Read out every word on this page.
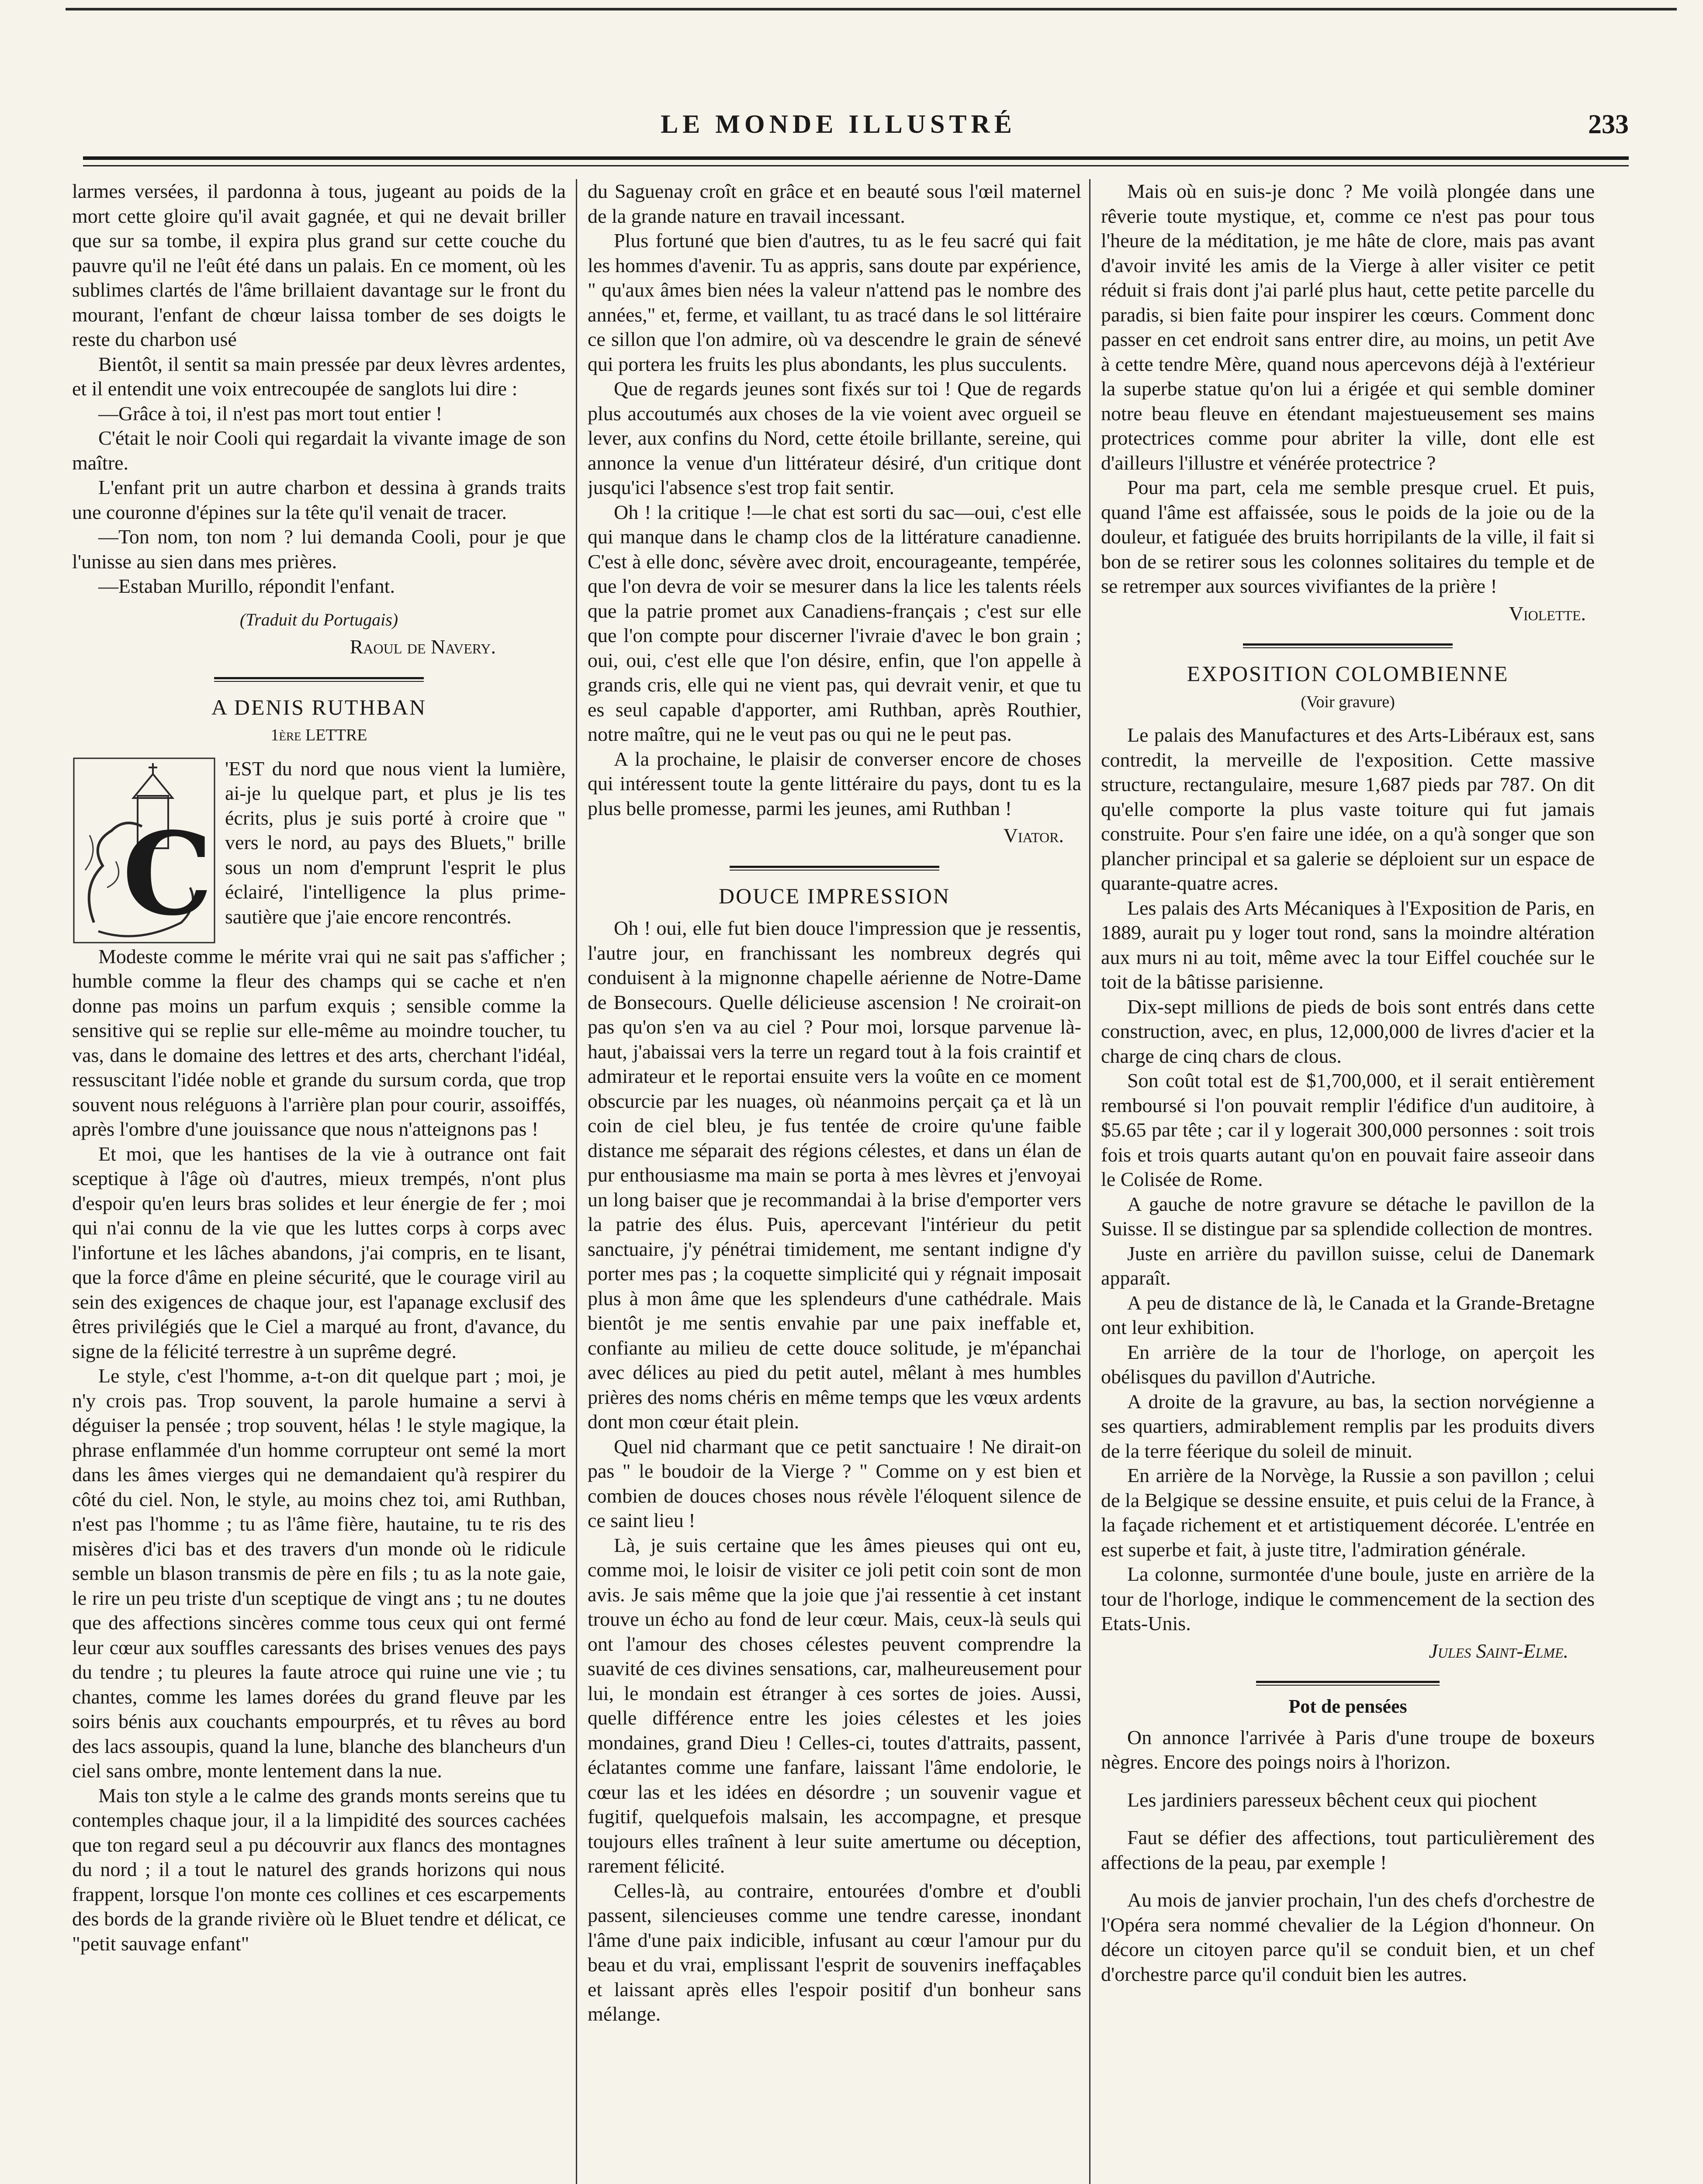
LE MONDE ILLUSTRÉ	233

larmes versées, il pardonna à tous, jugeant au poids de la mort cette gloire qu'il avait gagnée, et qui ne devait briller que sur sa tombe, il expira plus grand sur cette couche du pauvre qu'il ne l'eût été dans un palais. En ce moment, où les sublimes clartés de l'âme brillaient davantage sur le front du mourant, l'enfant de chœur laissa tomber de ses doigts le reste du charbon usé

Bientôt, il sentit sa main pressée par deux lèvres ardentes, et il entendit une voix entrecoupée de sanglots lui dire :

—Grâce à toi, il n'est pas mort tout entier !

C'était le noir Cooli qui regardait la vivante image de son maître.

L'enfant prit un autre charbon et dessina à grands traits une couronne d'épines sur la tête qu'il venait de tracer.

—Ton nom, ton nom ? lui demanda Cooli, pour je que l'unisse au sien dans mes prières.

—Estaban Murillo, répondit l'enfant.

(Traduit du Portugais)

Raoul de Navery.

A DENIS RUTHBAN
1ère LETTRE
C

'EST du nord que nous vient la lumière, ai-je lu quelque part, et plus je lis tes écrits, plus je suis porté à croire que " vers le nord, au pays des Bluets," brille sous un nom d'emprunt l'esprit le plus éclairé, l'intelligence la plus prime-sautière que j'aie encore rencontrés.

Modeste comme le mérite vrai qui ne sait pas s'afficher ; humble comme la fleur des champs qui se cache et n'en donne pas moins un parfum exquis ; sensible comme la sensitive qui se replie sur elle-même au moindre toucher, tu vas, dans le domaine des lettres et des arts, cherchant l'idéal, ressuscitant l'idée noble et grande du sursum corda, que trop souvent nous reléguons à l'arrière plan pour courir, assoiffés, après l'ombre d'une jouissance que nous n'atteignons pas !

Et moi, que les hantises de la vie à outrance ont fait sceptique à l'âge où d'autres, mieux trempés, n'ont plus d'espoir qu'en leurs bras solides et leur énergie de fer ; moi qui n'ai connu de la vie que les luttes corps à corps avec l'infortune et les lâches abandons, j'ai compris, en te lisant, que la force d'âme en pleine sécurité, que le courage viril au sein des exigences de chaque jour, est l'apanage exclusif des êtres privilégiés que le Ciel a marqué au front, d'avance, du signe de la félicité terrestre à un suprême degré.

Le style, c'est l'homme, a-t-on dit quelque part ; moi, je n'y crois pas. Trop souvent, la parole humaine a servi à déguiser la pensée ; trop souvent, hélas ! le style magique, la phrase enflammée d'un homme corrupteur ont semé la mort dans les âmes vierges qui ne demandaient qu'à respirer du côté du ciel. Non, le style, au moins chez toi, ami Ruthban, n'est pas l'homme ; tu as l'âme fière, hautaine, tu te ris des misères d'ici bas et des travers d'un monde où le ridicule semble un blason transmis de père en fils ; tu as la note gaie, le rire un peu triste d'un sceptique de vingt ans ; tu ne doutes que des affections sincères comme tous ceux qui ont fermé leur cœur aux souffles caressants des brises venues des pays du tendre ; tu pleures la faute atroce qui ruine une vie ; tu chantes, comme les lames dorées du grand fleuve par les soirs bénis aux couchants empourprés, et tu rêves au bord des lacs assoupis, quand la lune, blanche des blancheurs d'un ciel sans ombre, monte lentement dans la nue.

Mais ton style a le calme des grands monts sereins que tu contemples chaque jour, il a la limpidité des sources cachées que ton regard seul a pu découvrir aux flancs des montagnes du nord ; il a tout le naturel des grands horizons qui nous frappent, lorsque l'on monte ces collines et ces escarpements des bords de la grande rivière où le Bluet tendre et délicat, ce "petit sauvage enfant"

du Saguenay croît en grâce et en beauté sous l'œil maternel de la grande nature en travail incessant.

Plus fortuné que bien d'autres, tu as le feu sacré qui fait les hommes d'avenir. Tu as appris, sans doute par expérience, " qu'aux âmes bien nées la valeur n'attend pas le nombre des années," et, ferme, et vaillant, tu as tracé dans le sol littéraire ce sillon que l'on admire, où va descendre le grain de sénevé qui portera les fruits les plus abondants, les plus succulents.

Que de regards jeunes sont fixés sur toi ! Que de regards plus accoutumés aux choses de la vie voient avec orgueil se lever, aux confins du Nord, cette étoile brillante, sereine, qui annonce la venue d'un littérateur désiré, d'un critique dont jusqu'ici l'absence s'est trop fait sentir.

Oh ! la critique !—le chat est sorti du sac—oui, c'est elle qui manque dans le champ clos de la littérature canadienne. C'est à elle donc, sévère avec droit, encourageante, tempérée, que l'on devra de voir se mesurer dans la lice les talents réels que la patrie promet aux Canadiens-français ; c'est sur elle que l'on compte pour discerner l'ivraie d'avec le bon grain ; oui, oui, c'est elle que l'on désire, enfin, que l'on appelle à grands cris, elle qui ne vient pas, qui devrait venir, et que tu es seul capable d'apporter, ami Ruthban, après Routhier, notre maître, qui ne le veut pas ou qui ne le peut pas.

A la prochaine, le plaisir de converser encore de choses qui intéressent toute la gente littéraire du pays, dont tu es la plus belle promesse, parmi les jeunes, ami Ruthban !

Viator.

DOUCE IMPRESSION

Oh ! oui, elle fut bien douce l'impression que je ressentis, l'autre jour, en franchissant les nombreux degrés qui conduisent à la mignonne chapelle aérienne de Notre-Dame de Bonsecours. Quelle délicieuse ascension ! Ne croirait-on pas qu'on s'en va au ciel ? Pour moi, lorsque parvenue là-haut, j'abaissai vers la terre un regard tout à la fois craintif et admirateur et le reportai ensuite vers la voûte en ce moment obscurcie par les nuages, où néanmoins perçait ça et là un coin de ciel bleu, je fus tentée de croire qu'une faible distance me séparait des régions célestes, et dans un élan de pur enthousiasme ma main se porta à mes lèvres et j'envoyai un long baiser que je recommandai à la brise d'emporter vers la patrie des élus. Puis, apercevant l'intérieur du petit sanctuaire, j'y pénétrai timidement, me sentant indigne d'y porter mes pas ; la coquette simplicité qui y régnait imposait plus à mon âme que les splendeurs d'une cathédrale. Mais bientôt je me sentis envahie par une paix ineffable et, confiante au milieu de cette douce solitude, je m'épanchai avec délices au pied du petit autel, mêlant à mes humbles prières des noms chéris en même temps que les vœux ardents dont mon cœur était plein.

Quel nid charmant que ce petit sanctuaire ! Ne dirait-on pas " le boudoir de la Vierge ? " Comme on y est bien et combien de douces choses nous révèle l'éloquent silence de ce saint lieu !

Là, je suis certaine que les âmes pieuses qui ont eu, comme moi, le loisir de visiter ce joli petit coin sont de mon avis. Je sais même que la joie que j'ai ressentie à cet instant trouve un écho au fond de leur cœur. Mais, ceux-là seuls qui ont l'amour des choses célestes peuvent comprendre la suavité de ces divines sensations, car, malheureusement pour lui, le mondain est étranger à ces sortes de joies. Aussi, quelle différence entre les joies célestes et les joies mondaines, grand Dieu ! Celles-ci, toutes d'attraits, passent, éclatantes comme une fanfare, laissant l'âme endolorie, le cœur las et les idées en désordre ; un souvenir vague et fugitif, quelquefois malsain, les accompagne, et presque toujours elles traînent à leur suite amertume ou déception, rarement félicité.

Celles-là, au contraire, entourées d'ombre et d'oubli passent, silencieuses comme une tendre caresse, inondant l'âme d'une paix indicible, infusant au cœur l'amour pur du beau et du vrai, emplissant l'esprit de souvenirs ineffaçables et laissant après elles l'espoir positif d'un bonheur sans mélange.

Mais où en suis-je donc ? Me voilà plongée dans une rêverie toute mystique, et, comme ce n'est pas pour tous l'heure de la méditation, je me hâte de clore, mais pas avant d'avoir invité les amis de la Vierge à aller visiter ce petit réduit si frais dont j'ai parlé plus haut, cette petite parcelle du paradis, si bien faite pour inspirer les cœurs. Comment donc passer en cet endroit sans entrer dire, au moins, un petit Ave à cette tendre Mère, quand nous apercevons déjà à l'extérieur la superbe statue qu'on lui a érigée et qui semble dominer notre beau fleuve en étendant majestueusement ses mains protectrices comme pour abriter la ville, dont elle est d'ailleurs l'illustre et vénérée protectrice ?

Pour ma part, cela me semble presque cruel. Et puis, quand l'âme est affaissée, sous le poids de la joie ou de la douleur, et fatiguée des bruits horripilants de la ville, il fait si bon de se retirer sous les colonnes solitaires du temple et de se retremper aux sources vivifiantes de la prière !

Violette.

EXPOSITION COLOMBIENNE
(Voir gravure)

Le palais des Manufactures et des Arts-Libéraux est, sans contredit, la merveille de l'exposition. Cette massive structure, rectangulaire, mesure 1,687 pieds par 787. On dit qu'elle comporte la plus vaste toiture qui fut jamais construite. Pour s'en faire une idée, on a qu'à songer que son plancher principal et sa galerie se déploient sur un espace de quarante-quatre acres.

Les palais des Arts Mécaniques à l'Exposition de Paris, en 1889, aurait pu y loger tout rond, sans la moindre altération aux murs ni au toit, même avec la tour Eiffel couchée sur le toit de la bâtisse parisienne.

Dix-sept millions de pieds de bois sont entrés dans cette construction, avec, en plus, 12,000,000 de livres d'acier et la charge de cinq chars de clous.

Son coût total est de $1,700,000, et il serait entièrement remboursé si l'on pouvait remplir l'édifice d'un auditoire, à $5.65 par tête ; car il y logerait 300,000 personnes : soit trois fois et trois quarts autant qu'on en pouvait faire asseoir dans le Colisée de Rome.

A gauche de notre gravure se détache le pavillon de la Suisse. Il se distingue par sa splendide collection de montres.

Juste en arrière du pavillon suisse, celui de Danemark apparaît.

A peu de distance de là, le Canada et la Grande-Bretagne ont leur exhibition.

En arrière de la tour de l'horloge, on aperçoit les obélisques du pavillon d'Autriche.

A droite de la gravure, au bas, la section norvégienne a ses quartiers, admirablement remplis par les produits divers de la terre féerique du soleil de minuit.

En arrière de la Norvège, la Russie a son pavillon ; celui de la Belgique se dessine ensuite, et puis celui de la France, à la façade richement et et artistiquement décorée. L'entrée en est superbe et fait, à juste titre, l'admiration générale.

La colonne, surmontée d'une boule, juste en arrière de la tour de l'horloge, indique le commencement de la section des Etats-Unis.

Jules Saint-Elme.

Pot de pensées

On annonce l'arrivée à Paris d'une troupe de boxeurs nègres. Encore des poings noirs à l'horizon.

Les jardiniers paresseux bêchent ceux qui piochent

Faut se défier des affections, tout particulièrement des affections de la peau, par exemple !

Au mois de janvier prochain, l'un des chefs d'orchestre de l'Opéra sera nommé chevalier de la Légion d'honneur. On décore un citoyen parce qu'il se conduit bien, et un chef d'orchestre parce qu'il conduit bien les autres.
